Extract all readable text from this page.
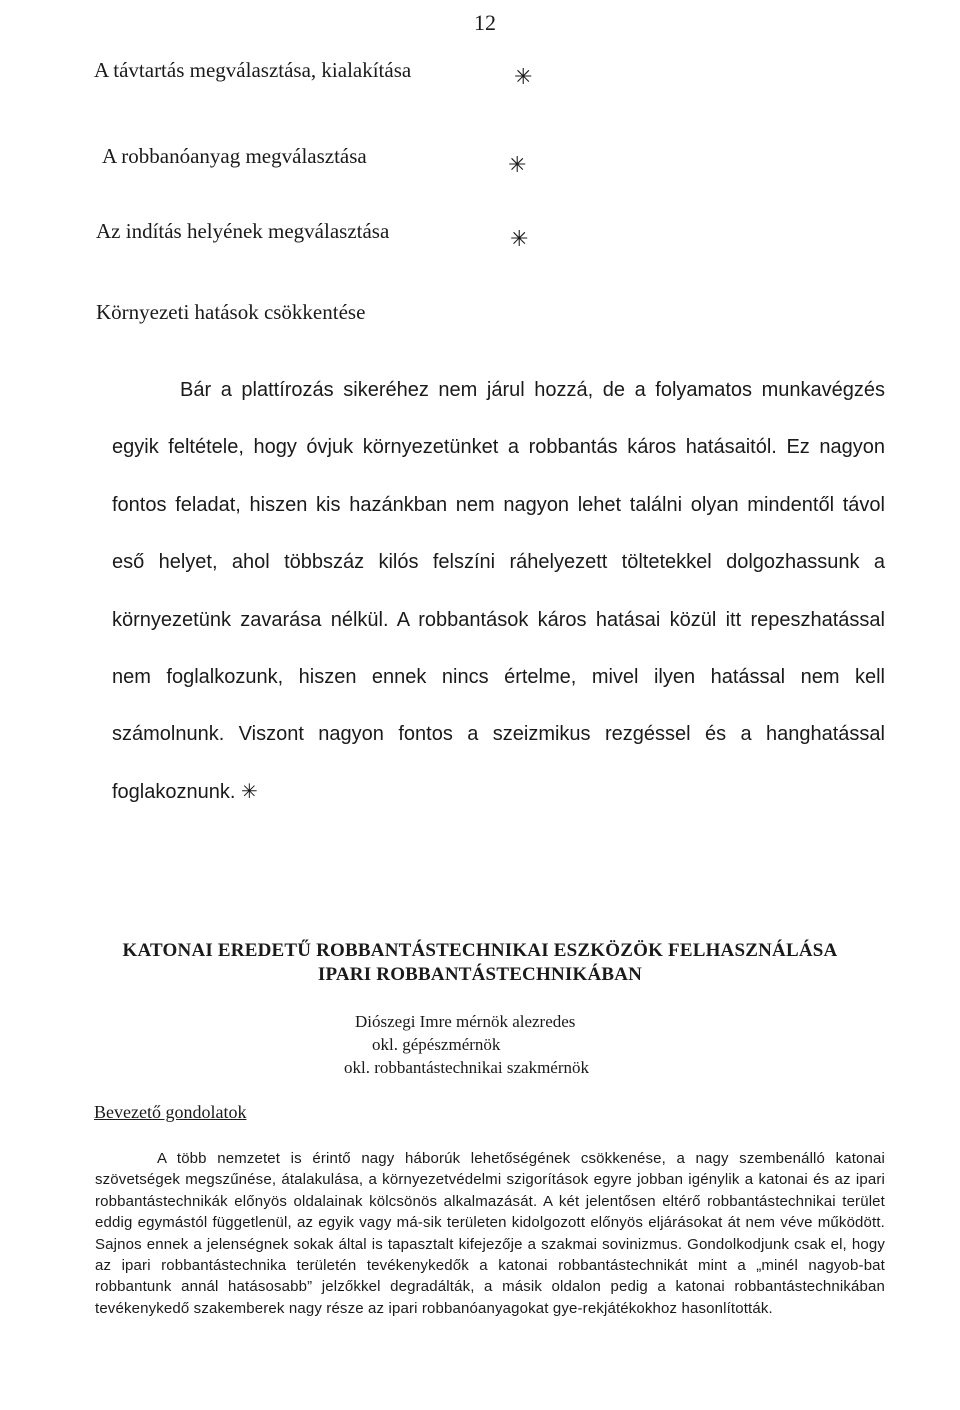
12
A távtartás megválasztása, kialakítása	✳
A robbanóanyag megválasztása	✳
Az indítás helyének megválasztása	✳
Környezeti hatások csökkentése
Bár a plattírozás sikeréhez nem járul hozzá, de a folyamatos munkavégzés egyik feltétele, hogy óvjuk környezetünket a robbantás káros hatásaitól. Ez nagyon fontos feladat, hiszen kis hazánkban nem nagyon lehet találni olyan mindentől távol eső helyet, ahol többszáz kilós felszíni ráhelyezett töltetekkel dolgozhassunk a környezetünk zavarása nélkül. A robbantások káros hatásai közül itt repeszhatással nem foglalkozunk, hiszen ennek nincs értelme, mivel ilyen hatással nem kell számolnunk. Viszont nagyon fontos a szeizmikus rezgéssel és a hanghatással foglakoznunk. ✳
KATONAI EREDETŰ ROBBANTÁSTECHNIKAI ESZKÖZÖK FELHASZNÁLÁSA
IPARI ROBBANTÁSTECHNIKÁBAN
Diószegi Imre mérnök alezredes
okl. gépészmérnök
okl. robbantástechnikai szakmérnök
Bevezető gondolatok
A több nemzetet is érintő nagy háborúk lehetőségének csökkenése, a nagy szembenálló katonai szövetségek megszűnése, átalakulása, a környezetvédelmi szigorítások egyre jobban igénylik a katonai és az ipari robbantástechnikák előnyös oldalainak kölcsönös alkalmazását. A két jelentősen eltérő robbantástechnikai terület eddig egymástól függetlenül, az egyik vagy má-sik területen kidolgozott előnyös eljárásokat át nem véve működött. Sajnos ennek a jelenségnek sokak által is tapasztalt kifejezője a szakmai sovinizmus. Gondolkodjunk csak el, hogy az ipari robbantástechnika területén tevékenykedők a katonai robbantástechnikát mint a „minél nagyob-bat robbantunk annál hatásosabb” jelzőkkel degradálták, a másik oldalon pedig a katonai robbantástechnikában tevékenykedő szakemberek nagy része az ipari robbanóanyagokat gye-rekjátékokhoz hasonlították.
